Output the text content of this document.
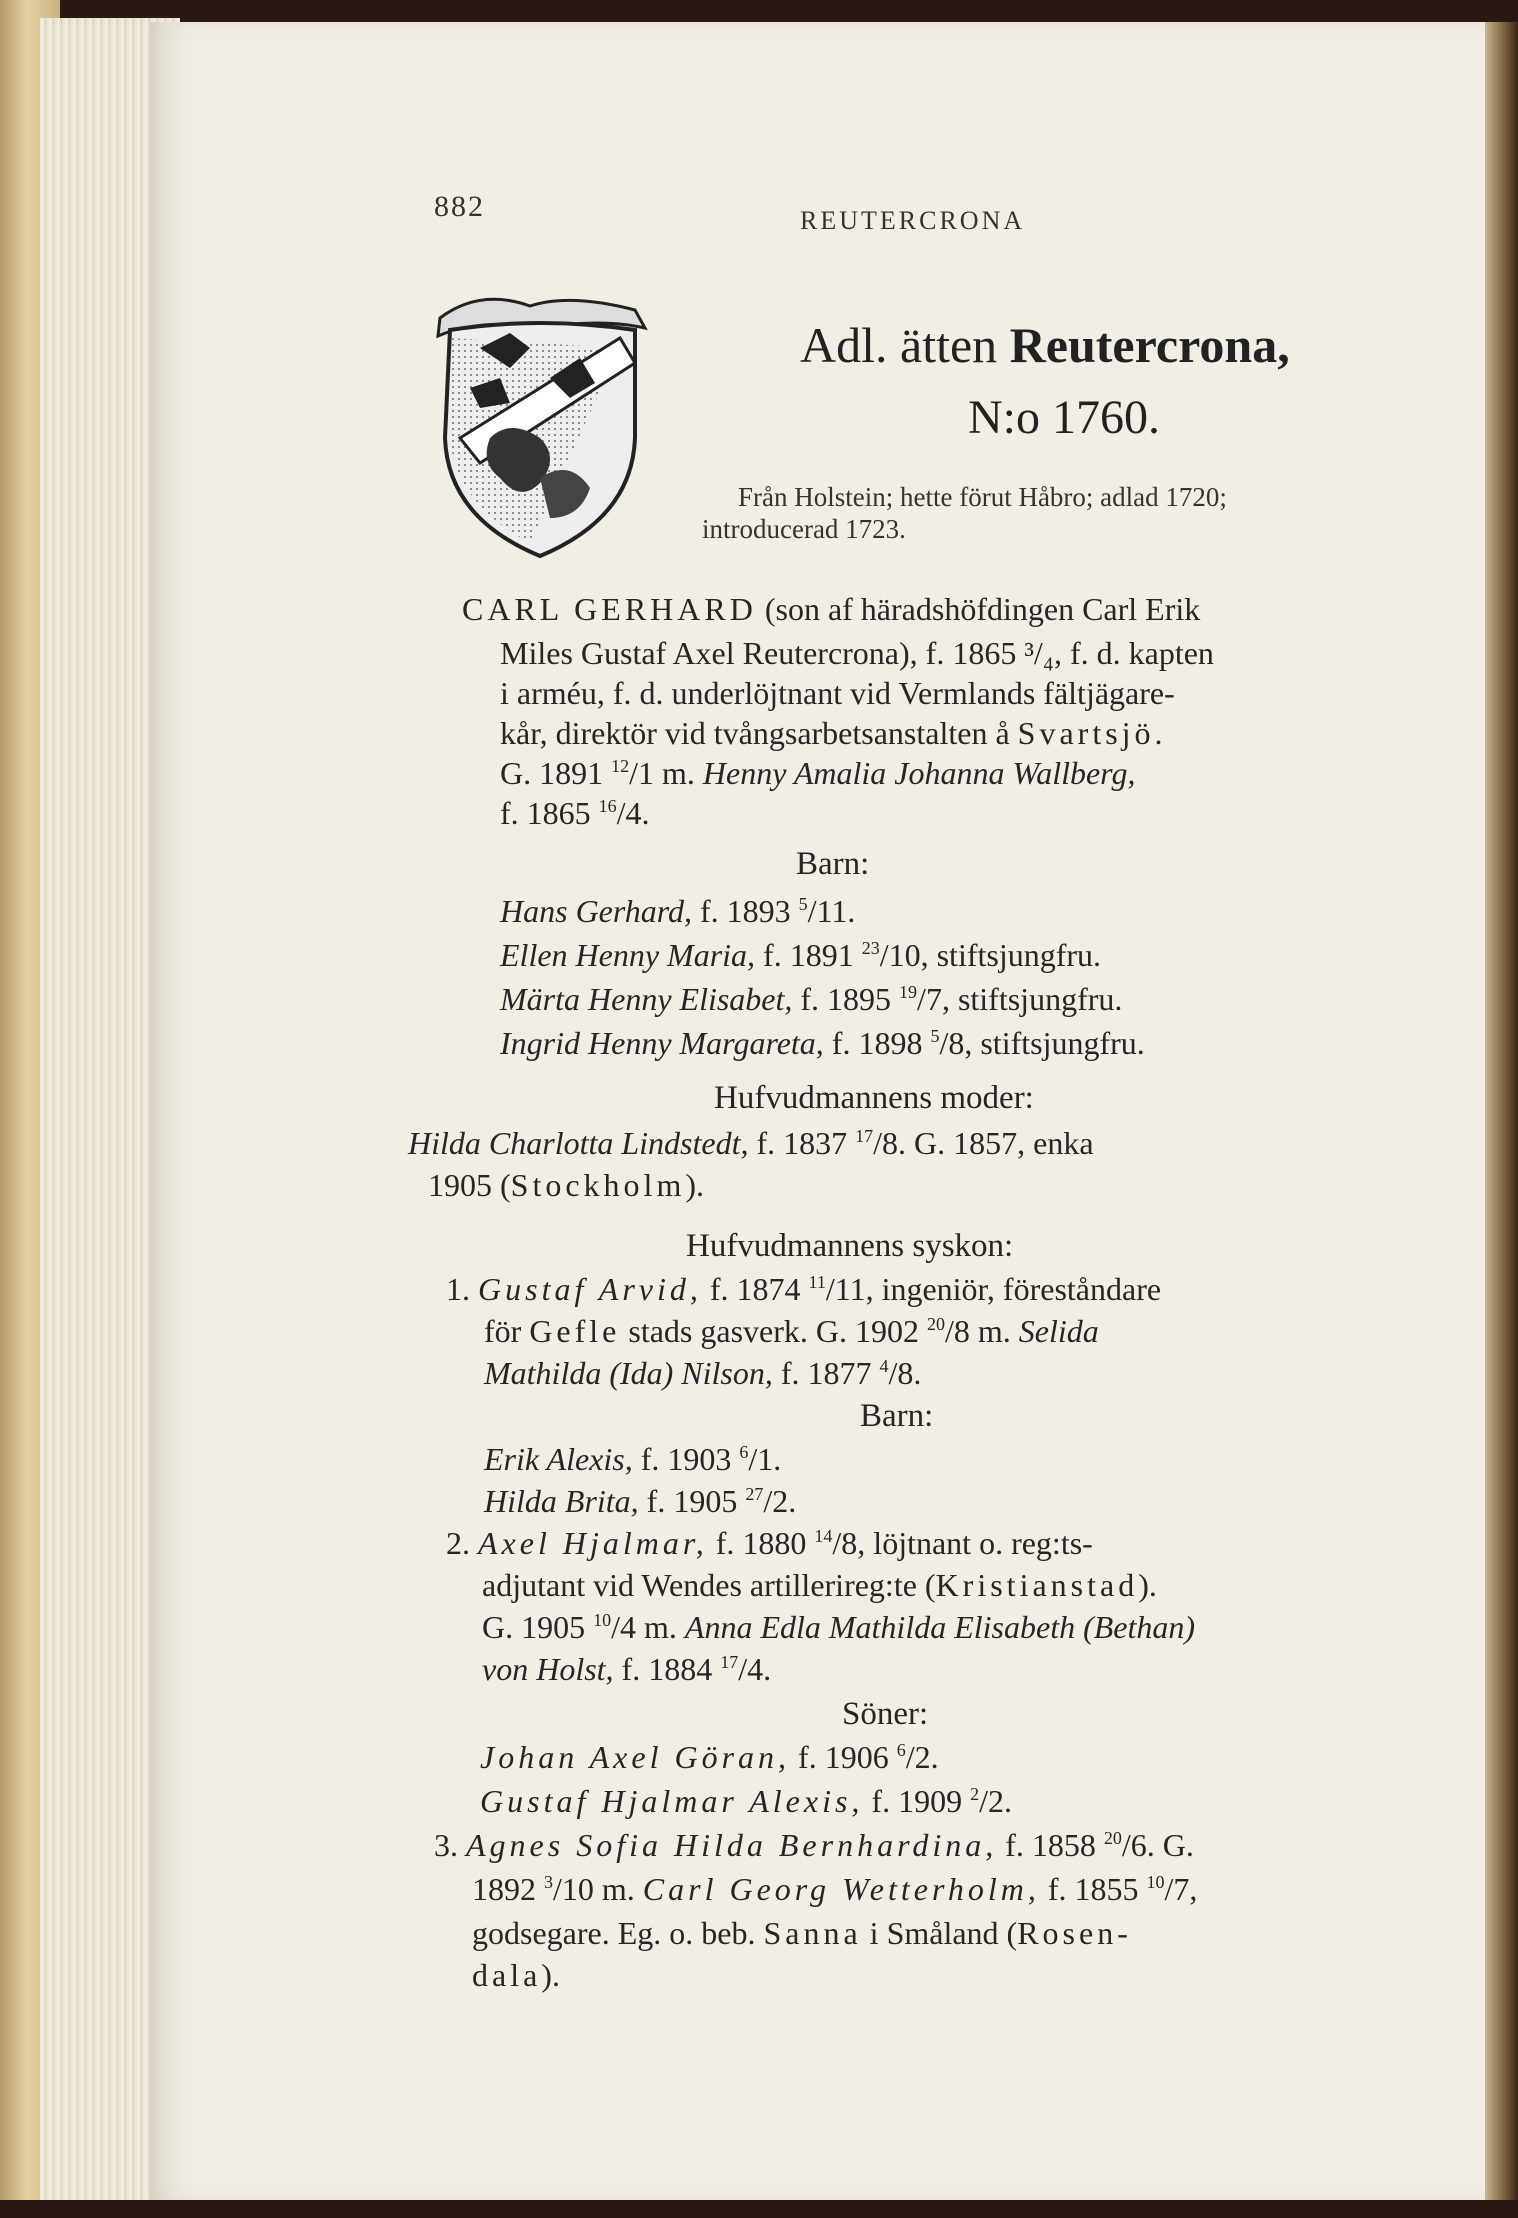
882	REUTERCRONA
Adl. ätten Reutercrona,
N:o 1760.
Från Holstein; hette förut Håbro; adlad 1720;
introducerad 1723.
CARL GERHARD (son af häradshöfdingen Carl Erik
Miles Gustaf Axel Reutercrona), f. 1865 ³/₄, f. d. kapten
i arméu, f. d. underlöjtnant vid Vermlands fältjägare-
kår, direktör vid tvångsarbetsanstalten å Svartsjö.
G. 1891 $^{12}$/1 m. Henny Amalia Johanna Wallberg,
f. 1865 $^{16}$/4.
Barn:
Hans Gerhard, f. 1893 $^5$/11.
Ellen Henny Maria, f. 1891 $^{23}$/10, stiftsjungfru.
Märta Henny Elisabet, f. 1895 $^{19}$/7, stiftsjungfru.
Ingrid Henny Margareta, f. 1898 $^5$/8, stiftsjungfru.
Hufvudmannens moder:
Hilda Charlotta Lindstedt, f. 1837 $^{17}$/8. G. 1857, enka
1905 (Stockholm).
Hufvudmannens syskon:
1. Gustaf Arvid, f. 1874 $^{11}$/11, ingeniör, föreståndare
för Gefle stads gasverk. G. 1902 $^{20}$/8 m. Selida
Mathilda (Ida) Nilson, f. 1877 $^4$/8.
Barn:
Erik Alexis, f. 1903 $^6$/1.
Hilda Brita, f. 1905 $^{27}$/2.
2. Axel Hjalmar, f. 1880 $^{14}$/8, löjtnant o. reg:ts-
adjutant vid Wendes artillerireg:te (Kristianstad).
G. 1905 $^{10}$/4 m. Anna Edla Mathilda Elisabeth (Bethan)
von Holst, f. 1884 $^{17}$/4.
Söner:
Johan Axel Göran, f. 1906 $^6$/2.
Gustaf Hjalmar Alexis, f. 1909 $^2$/2.
3. Agnes Sofia Hilda Bernhardina, f. 1858 $^{20}$/6. G.
1892 $^3$/10 m. Carl Georg Wetterholm, f. 1855 $^{10}$/7,
godsegare. Eg. o. beb. Sanna i Småland (Rosen-
dala).
